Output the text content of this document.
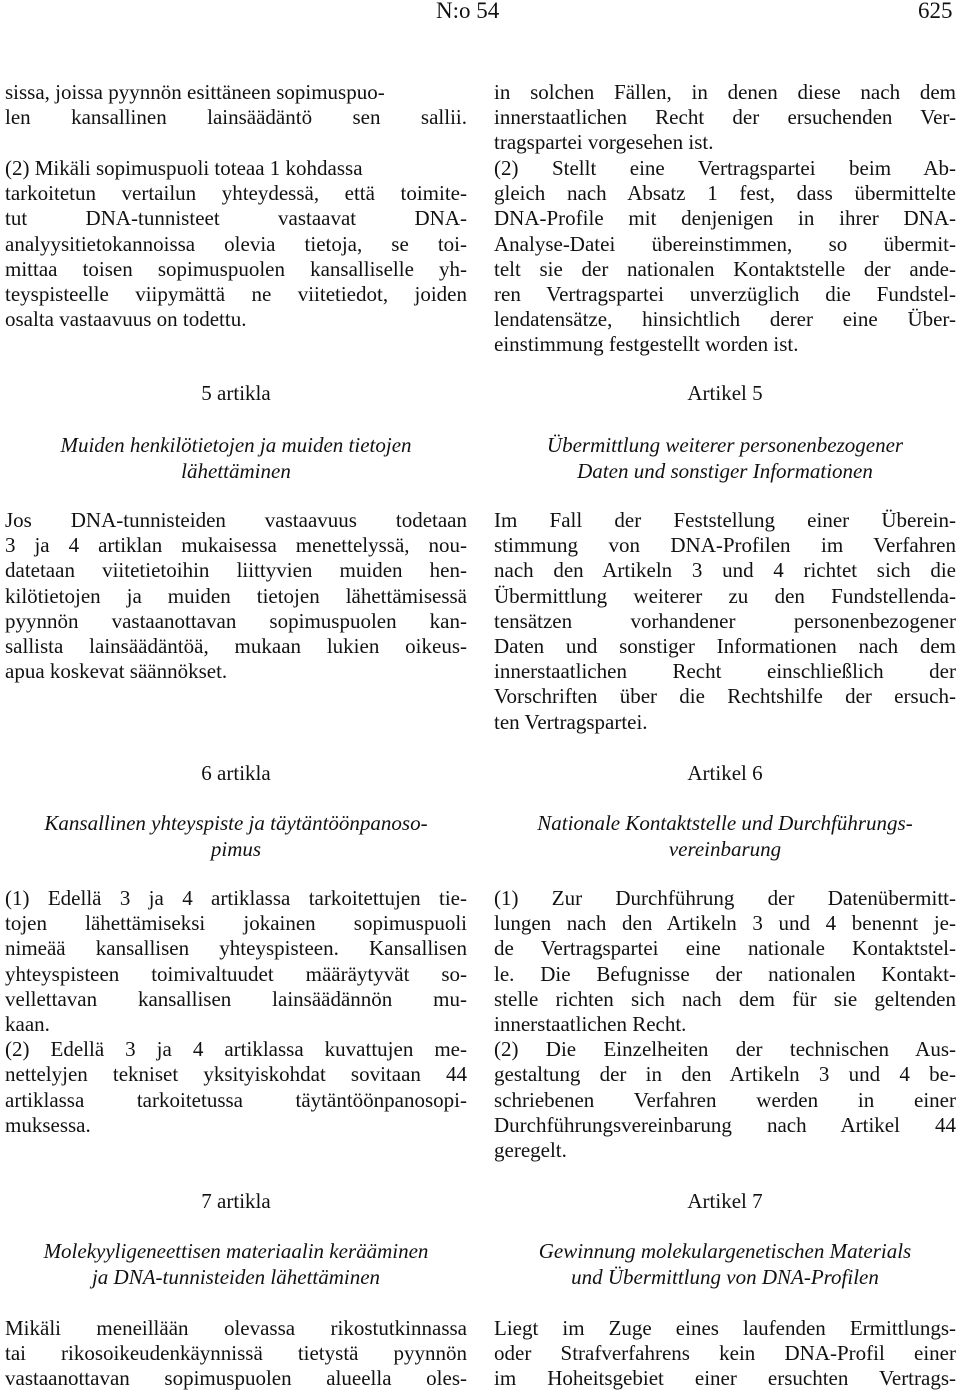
N:o 54	625
sissa, joissa pyynnön esittäneen sopimuspuo-
len kansallinen lainsäädäntö sen sallii.
(2) Mikäli sopimuspuoli toteaa 1 kohdassa
tarkoitetun vertailun yhteydessä, että toimite-
tut DNA-tunnisteet vastaavat DNA-
analyysitietokannoissa olevia tietoja, se toi-
mittaa toisen sopimuspuolen kansalliselle yh-
teyspisteelle viipymättä ne viitetiedot, joiden
osalta vastaavuus on todettu.
5 artikla
Muiden henkilötietojen ja muiden tietojen
lähettäminen
Jos DNA-tunnisteiden vastaavuus todetaan
3 ja 4 artiklan mukaisessa menettelyssä, nou-
datetaan viitetietoihin liittyvien muiden hen-
kilötietojen ja muiden tietojen lähettämisessä
pyynnön vastaanottavan sopimuspuolen kan-
sallista lainsäädäntöä, mukaan lukien oikeus-
apua koskevat säännökset.
6 artikla
Kansallinen yhteyspiste ja täytäntöönpanoso-
pimus
(1) Edellä 3 ja 4 artiklassa tarkoitettujen tie-
tojen lähettämiseksi jokainen sopimuspuoli
nimeää kansallisen yhteyspisteen. Kansallisen
yhteyspisteen toimivaltuudet määräytyvät so-
vellettavan kansallisen lainsäädännön mu-
kaan.
(2) Edellä 3 ja 4 artiklassa kuvattujen me-
nettelyjen tekniset yksityiskohdat sovitaan 44
artiklassa tarkoitetussa täytäntöönpanosopi-
muksessa.
7 artikla
Molekyyligeneettisen materiaalin kerääminen
ja DNA-tunnisteiden lähettäminen
Mikäli meneillään olevassa rikostutkinnassa
tai rikosoikeudenkäynnissä tietystä pyynnön
vastaanottavan sopimuspuolen alueella oles-
in solchen Fällen, in denen diese nach dem
innerstaatlichen Recht der ersuchenden Ver-
tragspartei vorgesehen ist.
(2) Stellt eine Vertragspartei beim Ab-
gleich nach Absatz 1 fest, dass übermittelte
DNA-Profile mit denjenigen in ihrer DNA-
Analyse-Datei übereinstimmen, so übermit-
telt sie der nationalen Kontaktstelle der ande-
ren Vertragspartei unverzüglich die Fundstel-
lendatensätze, hinsichtlich derer eine Über-
einstimmung festgestellt worden ist.
Artikel 5
Übermittlung weiterer personenbezogener
Daten und sonstiger Informationen
Im Fall der Feststellung einer Überein-
stimmung von DNA-Profilen im Verfahren
nach den Artikeln 3 und 4 richtet sich die
Übermittlung weiterer zu den Fundstellenda-
tensätzen vorhandener personenbezogener
Daten und sonstiger Informationen nach dem
innerstaatlichen Recht einschließlich der
Vorschriften über die Rechtshilfe der ersuch-
ten Vertragspartei.
Artikel 6
Nationale Kontaktstelle und Durchführungs-
vereinbarung
(1) Zur Durchführung der Datenübermitt-
lungen nach den Artikeln 3 und 4 benennt je-
de Vertragspartei eine nationale Kontaktstel-
le. Die Befugnisse der nationalen Kontakt-
stelle richten sich nach dem für sie geltenden
innerstaatlichen Recht.
(2) Die Einzelheiten der technischen Aus-
gestaltung der in den Artikeln 3 und 4 be-
schriebenen Verfahren werden in einer
Durchführungsvereinbarung nach Artikel 44
geregelt.
Artikel 7
Gewinnung molekulargenetischen Materials
und Übermittlung von DNA-Profilen
Liegt im Zuge eines laufenden Ermittlungs-
oder Strafverfahrens kein DNA-Profil einer
im Hoheitsgebiet einer ersuchten Vertrags-
